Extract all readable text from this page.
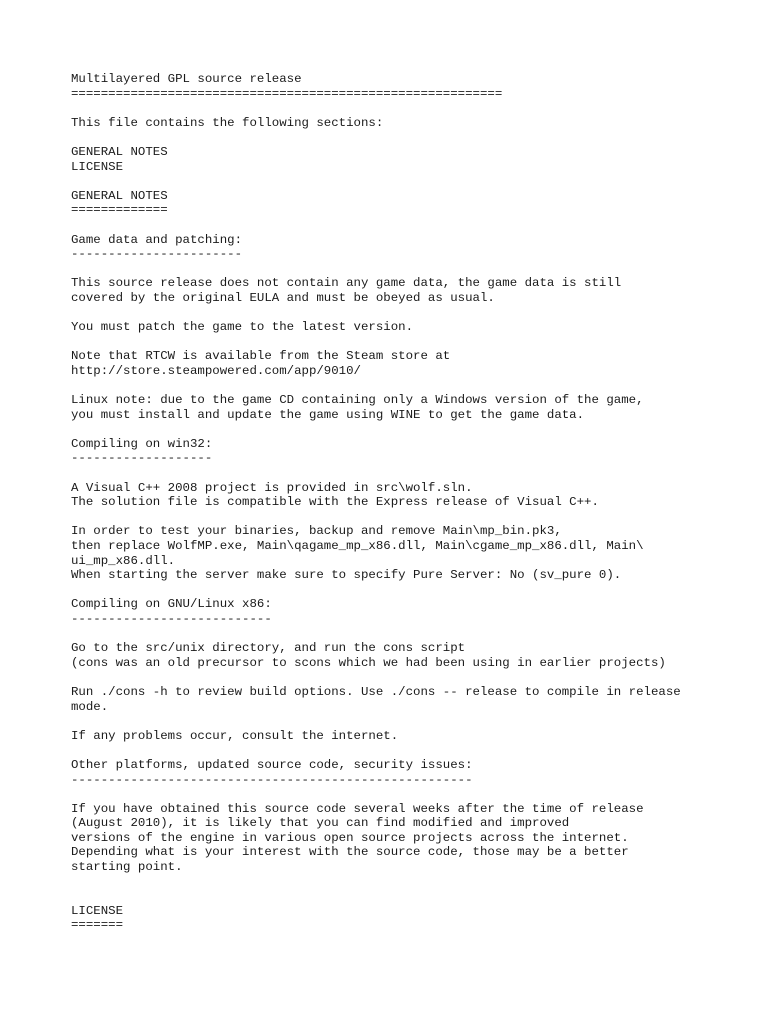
Multilayered GPL source release
==========================================================
This file contains the following sections:
GENERAL NOTES
LICENSE
GENERAL NOTES
=============
Game data and patching:
-----------------------
This source release does not contain any game data, the game data is still
covered by the original EULA and must be obeyed as usual.
You must patch the game to the latest version.
Note that RTCW is available from the Steam store at
http://store.steampowered.com/app/9010/
Linux note: due to the game CD containing only a Windows version of the game,
you must install and update the game using WINE to get the game data.
Compiling on win32:
-------------------
A Visual C++ 2008 project is provided in src\wolf.sln.
The solution file is compatible with the Express release of Visual C++.
In order to test your binaries, backup and remove Main\mp_bin.pk3,
then replace WolfMP.exe, Main\qagame_mp_x86.dll, Main\cgame_mp_x86.dll, Main\
ui_mp_x86.dll.
When starting the server make sure to specify Pure Server: No (sv_pure 0).
Compiling on GNU/Linux x86:
---------------------------
Go to the src/unix directory, and run the cons script
(cons was an old precursor to scons which we had been using in earlier projects)
Run ./cons -h to review build options. Use ./cons -- release to compile in release
mode.
If any problems occur, consult the internet.
Other platforms, updated source code, security issues:
------------------------------------------------------
If you have obtained this source code several weeks after the time of release
(August 2010), it is likely that you can find modified and improved
versions of the engine in various open source projects across the internet.
Depending what is your interest with the source code, those may be a better
starting point.
LICENSE
=======
